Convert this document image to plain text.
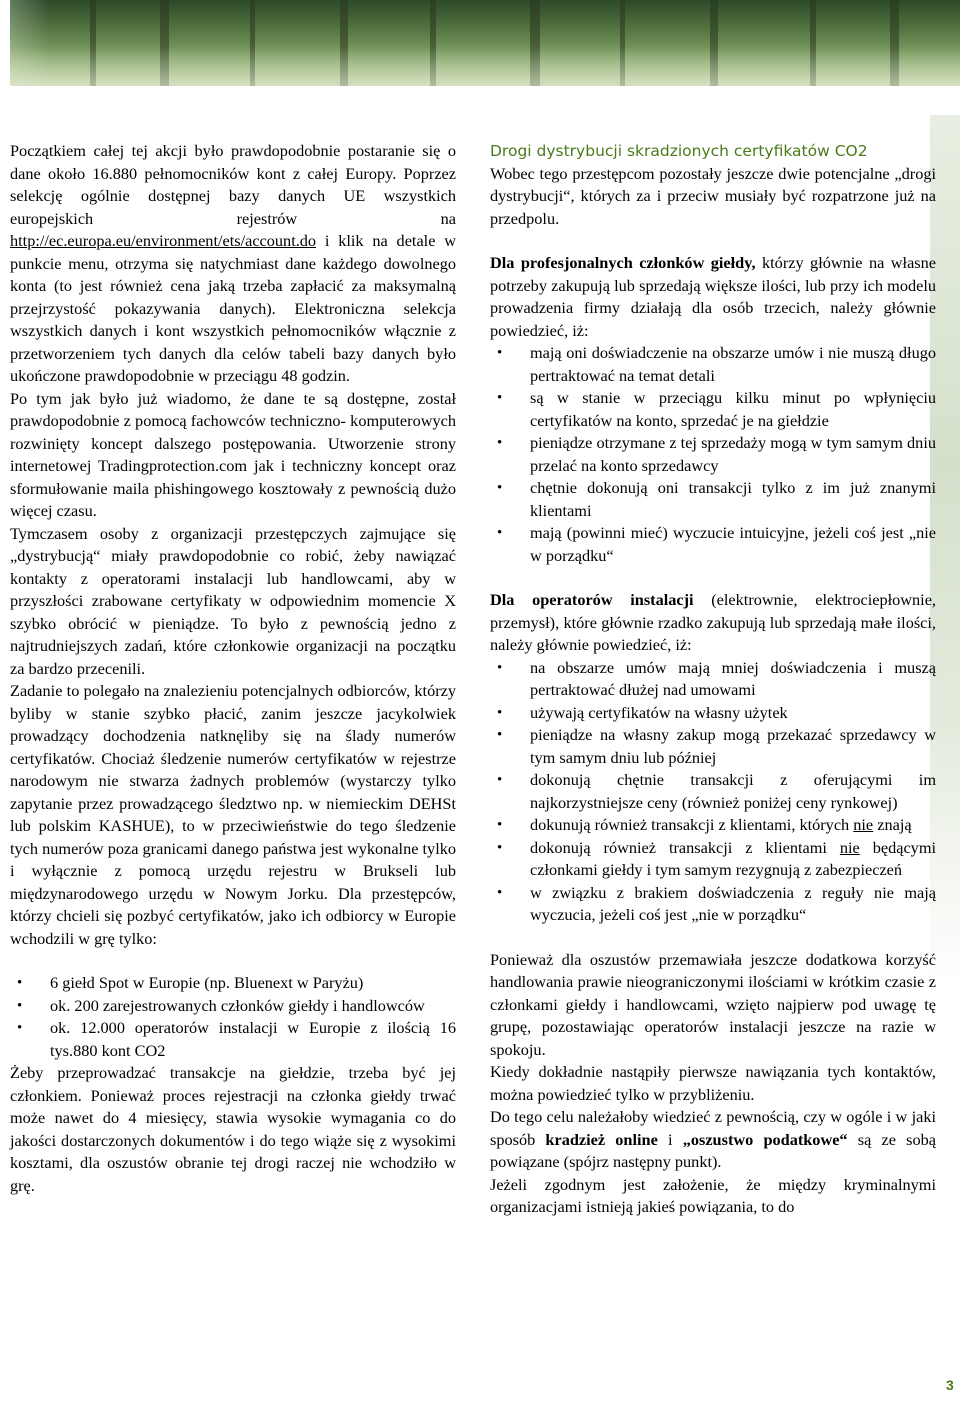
Początkiem całej tej akcji było prawdopodobnie postaranie się o dane około 16.880 pełnomocników kont z całej Europy. Poprzez selekcję ogólnie dostępnej bazy danych UE wszystkich europejskich rejestrów na http://ec.europa.eu/environment/ets/account.do i klik na detale w punkcie menu, otrzyma się natychmiast dane każdego dowolnego konta (to jest również cena jaką trzeba zapłacić za maksymalną przejrzystość pokazywania danych). Elektroniczna selekcja wszystkich danych i kont wszystkich pełnomocników włącznie z przetworzeniem tych danych dla celów tabeli bazy danych było ukończone prawdopodobnie w przeciągu 48 godzin.

Po tym jak było już wiadomo, że dane te są dostępne, został prawdopodobnie z pomocą fachowców techniczno- komputerowych rozwinięty koncept dalszego postępowania. Utworzenie strony internetowej Tradingprotection.com jak i techniczny koncept oraz sformułowanie maila phishingowego kosztowały z pewnością dużo więcej czasu.

Tymczasem osoby z organizacji przestępczych zajmujące się „dystrybucją“ miały prawdopodobnie co robić, żeby nawiązać kontakty z operatorami instalacji lub handlowcami, aby w przyszłości zrabowane certyfikaty w odpowiednim momencie X szybko obrócić w pieniądze. To było z pewnością jedno z najtrudniejszych zadań, które członkowie organizacji na początku za bardzo przecenili.

Zadanie to polegało na znalezieniu potencjalnych odbiorców, którzy byliby w stanie szybko płacić, zanim jeszcze jacykolwiek prowadzący dochodzenia natknęliby się na ślady numerów certyfikatów. Chociaż śledzenie numerów certyfikatów w rejestrze narodowym nie stwarza żadnych problemów (wystarczy tylko zapytanie przez prowadzącego śledztwo np. w niemieckim DEHSt lub polskim KASHUE), to w przeciwieństwie do tego śledzenie tych numerów poza granicami danego państwa jest wykonalne tylko i wyłącznie z pomocą urzędu rejestru w Brukseli lub międzynarodowego urzędu w Nowym Jorku. Dla przestępców, którzy chcieli się pozbyć certyfikatów, jako ich odbiorcy w Europie wchodzili w grę tylko:

• 6 giełd Spot w Europie (np. Bluenext w Paryżu)
• ok. 200 zarejestrowanych członków giełdy i handlowców
• ok. 12.000 operatorów instalacji w Europie z ilością 16 tys.880 kont CO2

Żeby przeprowadzać transakcje na giełdzie, trzeba być jej członkiem. Ponieważ proces rejestracji na członka giełdy trwać może nawet do 4 miesięcy, stawia wysokie wymagania co do jakości dostarczonych dokumentów i do tego wiąże się z wysokimi kosztami, dla oszustów obranie tej drogi raczej nie wchodziło w grę.

Drogi dystrybucji skradzionych certyfikatów CO2

Wobec tego przestępcom pozostały jeszcze dwie potencjalne „drogi dystrybucji“, których za i przeciw musiały być rozpatrzone już na przedpolu.

Dla profesjonalnych członków giełdy, którzy głównie na własne potrzeby zakupują lub sprzedają większe ilości, lub przy ich modelu prowadzenia firmy działają dla osób trzecich, należy głównie powiedzieć, iż:

• mają oni doświadczenie na obszarze umów i nie muszą długo pertraktować na temat detali
• są w stanie w przeciągu kilku minut po wpłynięciu certyfikatów na konto, sprzedać je na giełdzie
• pieniądze otrzymane z tej sprzedaży mogą w tym samym dniu przelać na konto sprzedawcy
• chętnie dokonują oni transakcji tylko z im już znanymi klientami
• mają (powinni mieć) wyczucie intuicyjne, jeżeli coś jest „nie w porządku“

Dla operatorów instalacji (elektrownie, elektrociepłownie, przemysł), które głównie rzadko zakupują lub sprzedają małe ilości, należy głównie powiedzieć, iż:

• na obszarze umów mają mniej doświadczenia i muszą pertraktować dłużej nad umowami
• używają certyfikatów na własny użytek
• pieniądze na własny zakup mogą przekazać sprzedawcy w tym samym dniu lub później
• dokonują chętnie transakcji z oferującymi im najkorzystniejsze ceny (również poniżej ceny rynkowej)
• dokunują również transakcji z klientami, których nie znają
• dokonują również transakcji z klientami nie będącymi członkami giełdy i tym samym rezygnują z zabezpieczeń
• w związku z brakiem doświadczenia z reguły nie mają wyczucia, jeżeli coś jest „nie w porządku“

Ponieważ dla oszustów przemawiała jeszcze dodatkowa korzyść handlowania prawie nieograniczonymi ilościami w krótkim czasie z członkami giełdy i handlowcami, wzięto najpierw pod uwagę tę grupę, pozostawiając operatorów instalacji jeszcze na razie w spokoju.

Kiedy dokładnie nastąpiły pierwsze nawiązania tych kontaktów, można powiedzieć tylko w przybliżeniu.

Do tego celu należałoby wiedzieć z pewnością, czy w ogóle i w jaki sposób kradzież online i „oszustwo podatkowe“ są ze sobą powiązane (spójrz następny punkt).

Jeżeli zgodnym jest założenie, że między kryminalnymi organizacjami istnieją jakieś powiązania, to do

3
